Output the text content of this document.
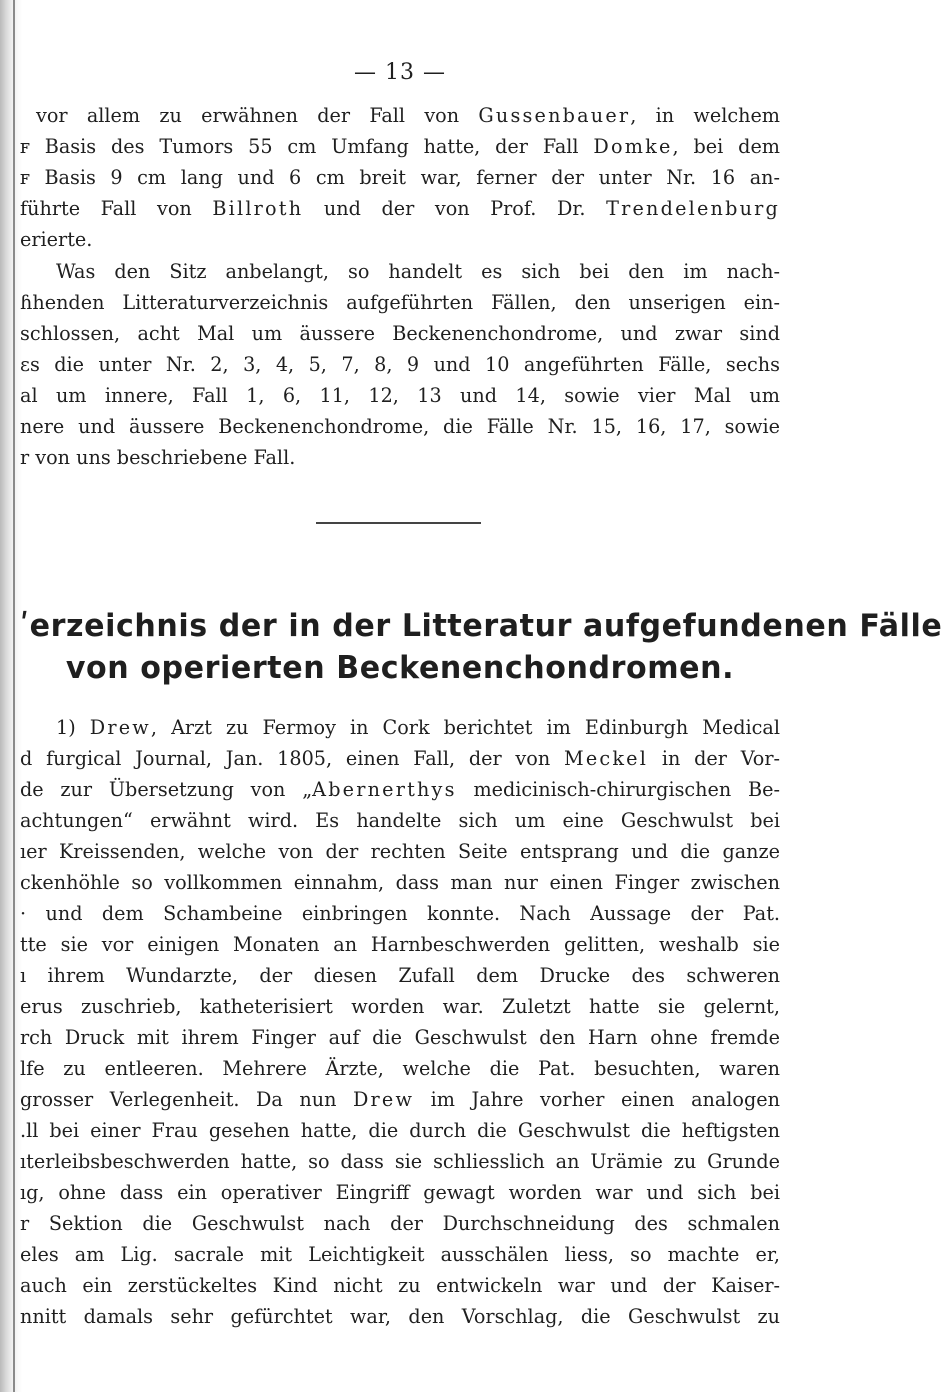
— 13 —

vor allem zu erwähnen der Fall von Gussenbauer, in welchem

ꜰ Basis des Tumors 55 cm Umfang hatte, der Fall Domke, bei dem

ꜰ Basis 9 cm lang und 6 cm breit war, ferner der unter Nr. 16 an-

führte Fall von Billroth und der von Prof. Dr. Trendelenburg

erierte.

Was den Sitz anbelangt, so handelt es sich bei den im nach-

ɦhenden Litteraturverzeichnis aufgeführten Fällen, den unserigen ein-

schlossen, acht Mal um äussere Beckenenchondrome, und zwar sind

ɛs die unter Nr. 2, 3, 4, 5, 7, 8, 9 und 10 angeführten Fälle, sechs

al um innere, Fall 1, 6, 11, 12, 13 und 14, sowie vier Mal um

nere und äussere Beckenenchondrome, die Fälle Nr. 15, 16, 17, sowie

r von uns beschriebene Fall.

ʹerzeichnis der in der Litteratur aufgefundenen Fälle

von operierten Beckenenchondromen.

1) Drew, Arzt zu Fermoy in Cork berichtet im Edinburgh Medical

d furgical Journal, Jan. 1805, einen Fall, der von Meckel in der Vor-

de zur Übersetzung von „Abernerthys medicinisch-chirurgischen Be-

achtungen“ erwähnt wird. Es handelte sich um eine Geschwulst bei

ıer Kreissenden, welche von der rechten Seite entsprang und die ganze

ckenhöhle so vollkommen einnahm, dass man nur einen Finger zwischen

· und dem Schambeine einbringen konnte. Nach Aussage der Pat.

tte sie vor einigen Monaten an Harnbeschwerden gelitten, weshalb sie

ı ihrem Wundarzte, der diesen Zufall dem Drucke des schweren

erus zuschrieb, katheterisiert worden war. Zuletzt hatte sie gelernt,

rch Druck mit ihrem Finger auf die Geschwulst den Harn ohne fremde

lfe zu entleeren. Mehrere Ärzte, welche die Pat. besuchten, waren

grosser Verlegenheit. Da nun Drew im Jahre vorher einen analogen

.ll bei einer Frau gesehen hatte, die durch die Geschwulst die heftigsten

ıterleibsbeschwerden hatte, so dass sie schliesslich an Urämie zu Grunde

ıg, ohne dass ein operativer Eingriff gewagt worden war und sich bei

r Sektion die Geschwulst nach der Durchschneidung des schmalen

eles am Lig. sacrale mit Leichtigkeit ausschälen liess, so machte er,

auch ein zerstückeltes Kind nicht zu entwickeln war und der Kaiser-

nnitt damals sehr gefürchtet war, den Vorschlag, die Geschwulst zu
